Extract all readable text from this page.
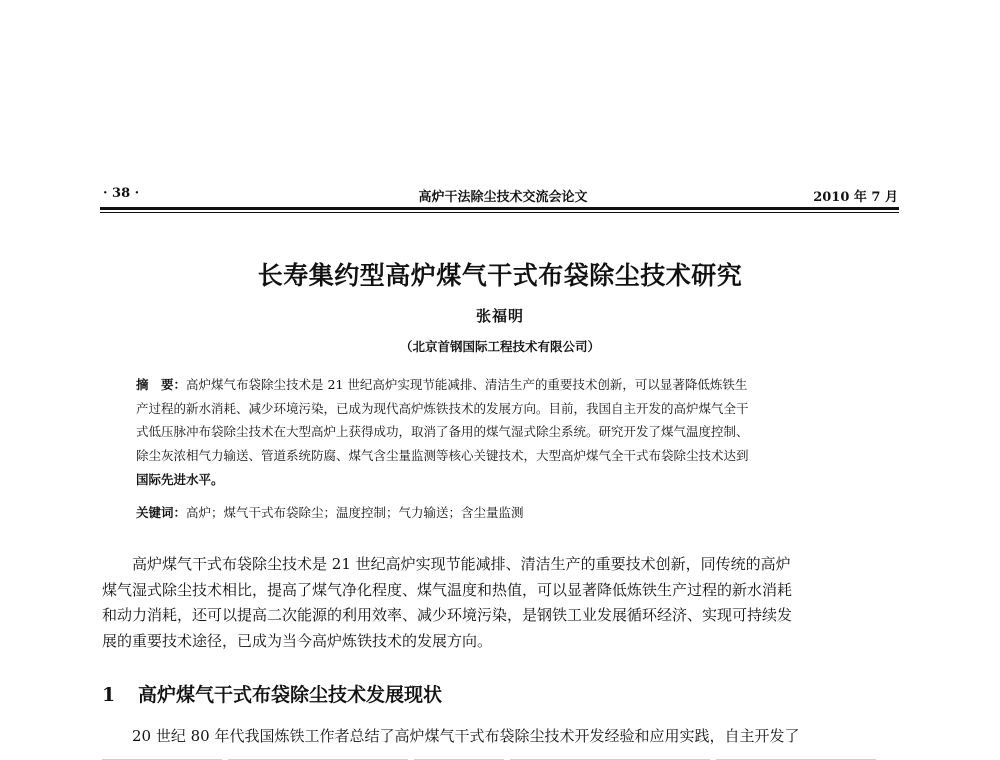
· 38 ·	高炉干法除尘技术交流会论文	2010 年 7 月
长寿集约型高炉煤气干式布袋除尘技术研究
张福明
（北京首钢国际工程技术有限公司）
摘　要：高炉煤气布袋除尘技术是 21 世纪高炉实现节能减排、清洁生产的重要技术创新，可以显著降低炼铁生
产过程的新水消耗、减少环境污染，已成为现代高炉炼铁技术的发展方向。目前，我国自主开发的高炉煤气全干
式低压脉冲布袋除尘技术在大型高炉上获得成功，取消了备用的煤气湿式除尘系统。研究开发了煤气温度控制、
除尘灰浓相气力输送、管道系统防腐、煤气含尘量监测等核心关键技术，大型高炉煤气全干式布袋除尘技术达到
国际先进水平。
关键词：高炉；煤气干式布袋除尘；温度控制；气力输送；含尘量监测
高炉煤气干式布袋除尘技术是 21 世纪高炉实现节能减排、清洁生产的重要技术创新，同传统的高炉
煤气湿式除尘技术相比，提高了煤气净化程度、煤气温度和热值，可以显著降低炼铁生产过程的新水消耗
和动力消耗，还可以提高二次能源的利用效率、减少环境污染，是钢铁工业发展循环经济、实现可持续发
展的重要技术途径，已成为当今高炉炼铁技术的发展方向。
1 高炉煤气干式布袋除尘技术发展现状
20 世纪 80 年代我国炼铁工作者总结了高炉煤气干式布袋除尘技术开发经验和应用实践，自主开发了
